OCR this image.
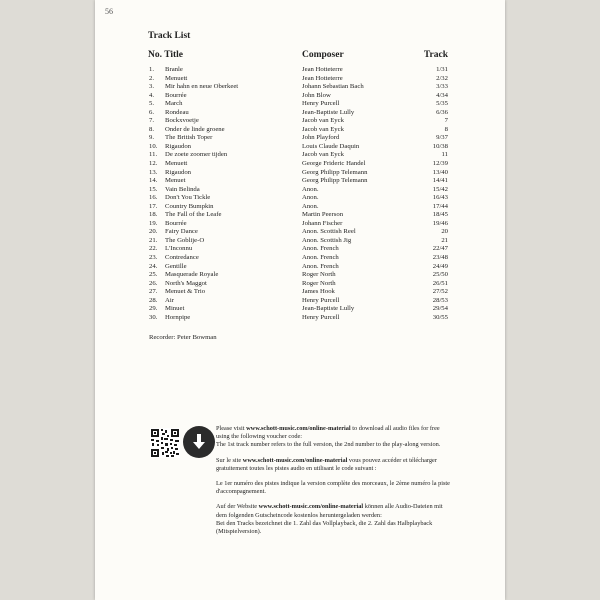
56
Track List
No. Title	Composer	Track
1. Branle	Jean Hotteterre	1/31
2. Menuett	Jean Hotteterre	2/32
3. Mir hahn en neue Oberkeet	Johann Sebastian Bach	3/33
4. Bourrée	John Blow	4/34
5. March	Henry Purcell	5/35
6. Rondeau	Jean-Baptiste Lully	6/36
7. Bockxvoetje	Jacob van Eyck	7
8. Onder de linde groene	Jacob van Eyck	8
9. The British Toper	John Playford	9/37
10. Rigaudon	Louis Claude Daquin	10/38
11. De zoete zoomer tijden	Jacob van Eyck	11
12. Menuett	George Frideric Handel	12/39
13. Rigaudon	Georg Philipp Telemann	13/40
14. Menuet	Georg Philipp Telemann	14/41
15. Vain Belinda	Anon.	15/42
16. Don't You Tickle	Anon.	16/43
17. Country Bumpkin	Anon.	17/44
18. The Fall of the Leafe	Martin Peerson	18/45
19. Bourrée	Johann Fischer	19/46
20. Fairy Dance	Anon. Scottish Reel	20
21. The Goblije-O	Anon. Scottish Jig	21
22. L'Inconnu	Anon. French	22/47
23. Contredance	Anon. French	23/48
24. Gentille	Anon. French	24/49
25. Masquerade Royale	Roger North	25/50
26. North's Maggot	Roger North	26/51
27. Menuet & Trio	James Hook	27/52
28. Air	Henry Purcell	28/53
29. Minuet	Jean-Baptiste Lully	29/54
30. Hornpipe	Henry Purcell	30/55
Recorder: Peter Bowman

Please visit www.schott-music.com/online-material to download all audio files for free using the following voucher code:
The 1st track number refers to the full version, the 2nd number to the play-along version.

Sur le site www.schott-music.com/online-material vous pouvez accéder et télécharger gratuitement toutes les pistes audio en utilisant le code suivant :

Le 1er numéro des pistes indique la version complète des morceaux, le 2ème numéro la piste d'accompagnement.

Auf der Website www.schott-music.com/online-material können alle Audio-Dateien mit dem folgenden Gutscheincode kostenlos heruntergeladen werden:
Bei den Tracks bezeichnet die 1. Zahl das Vollplayback, die 2. Zahl das Halbplayback (Mitspielversion).
